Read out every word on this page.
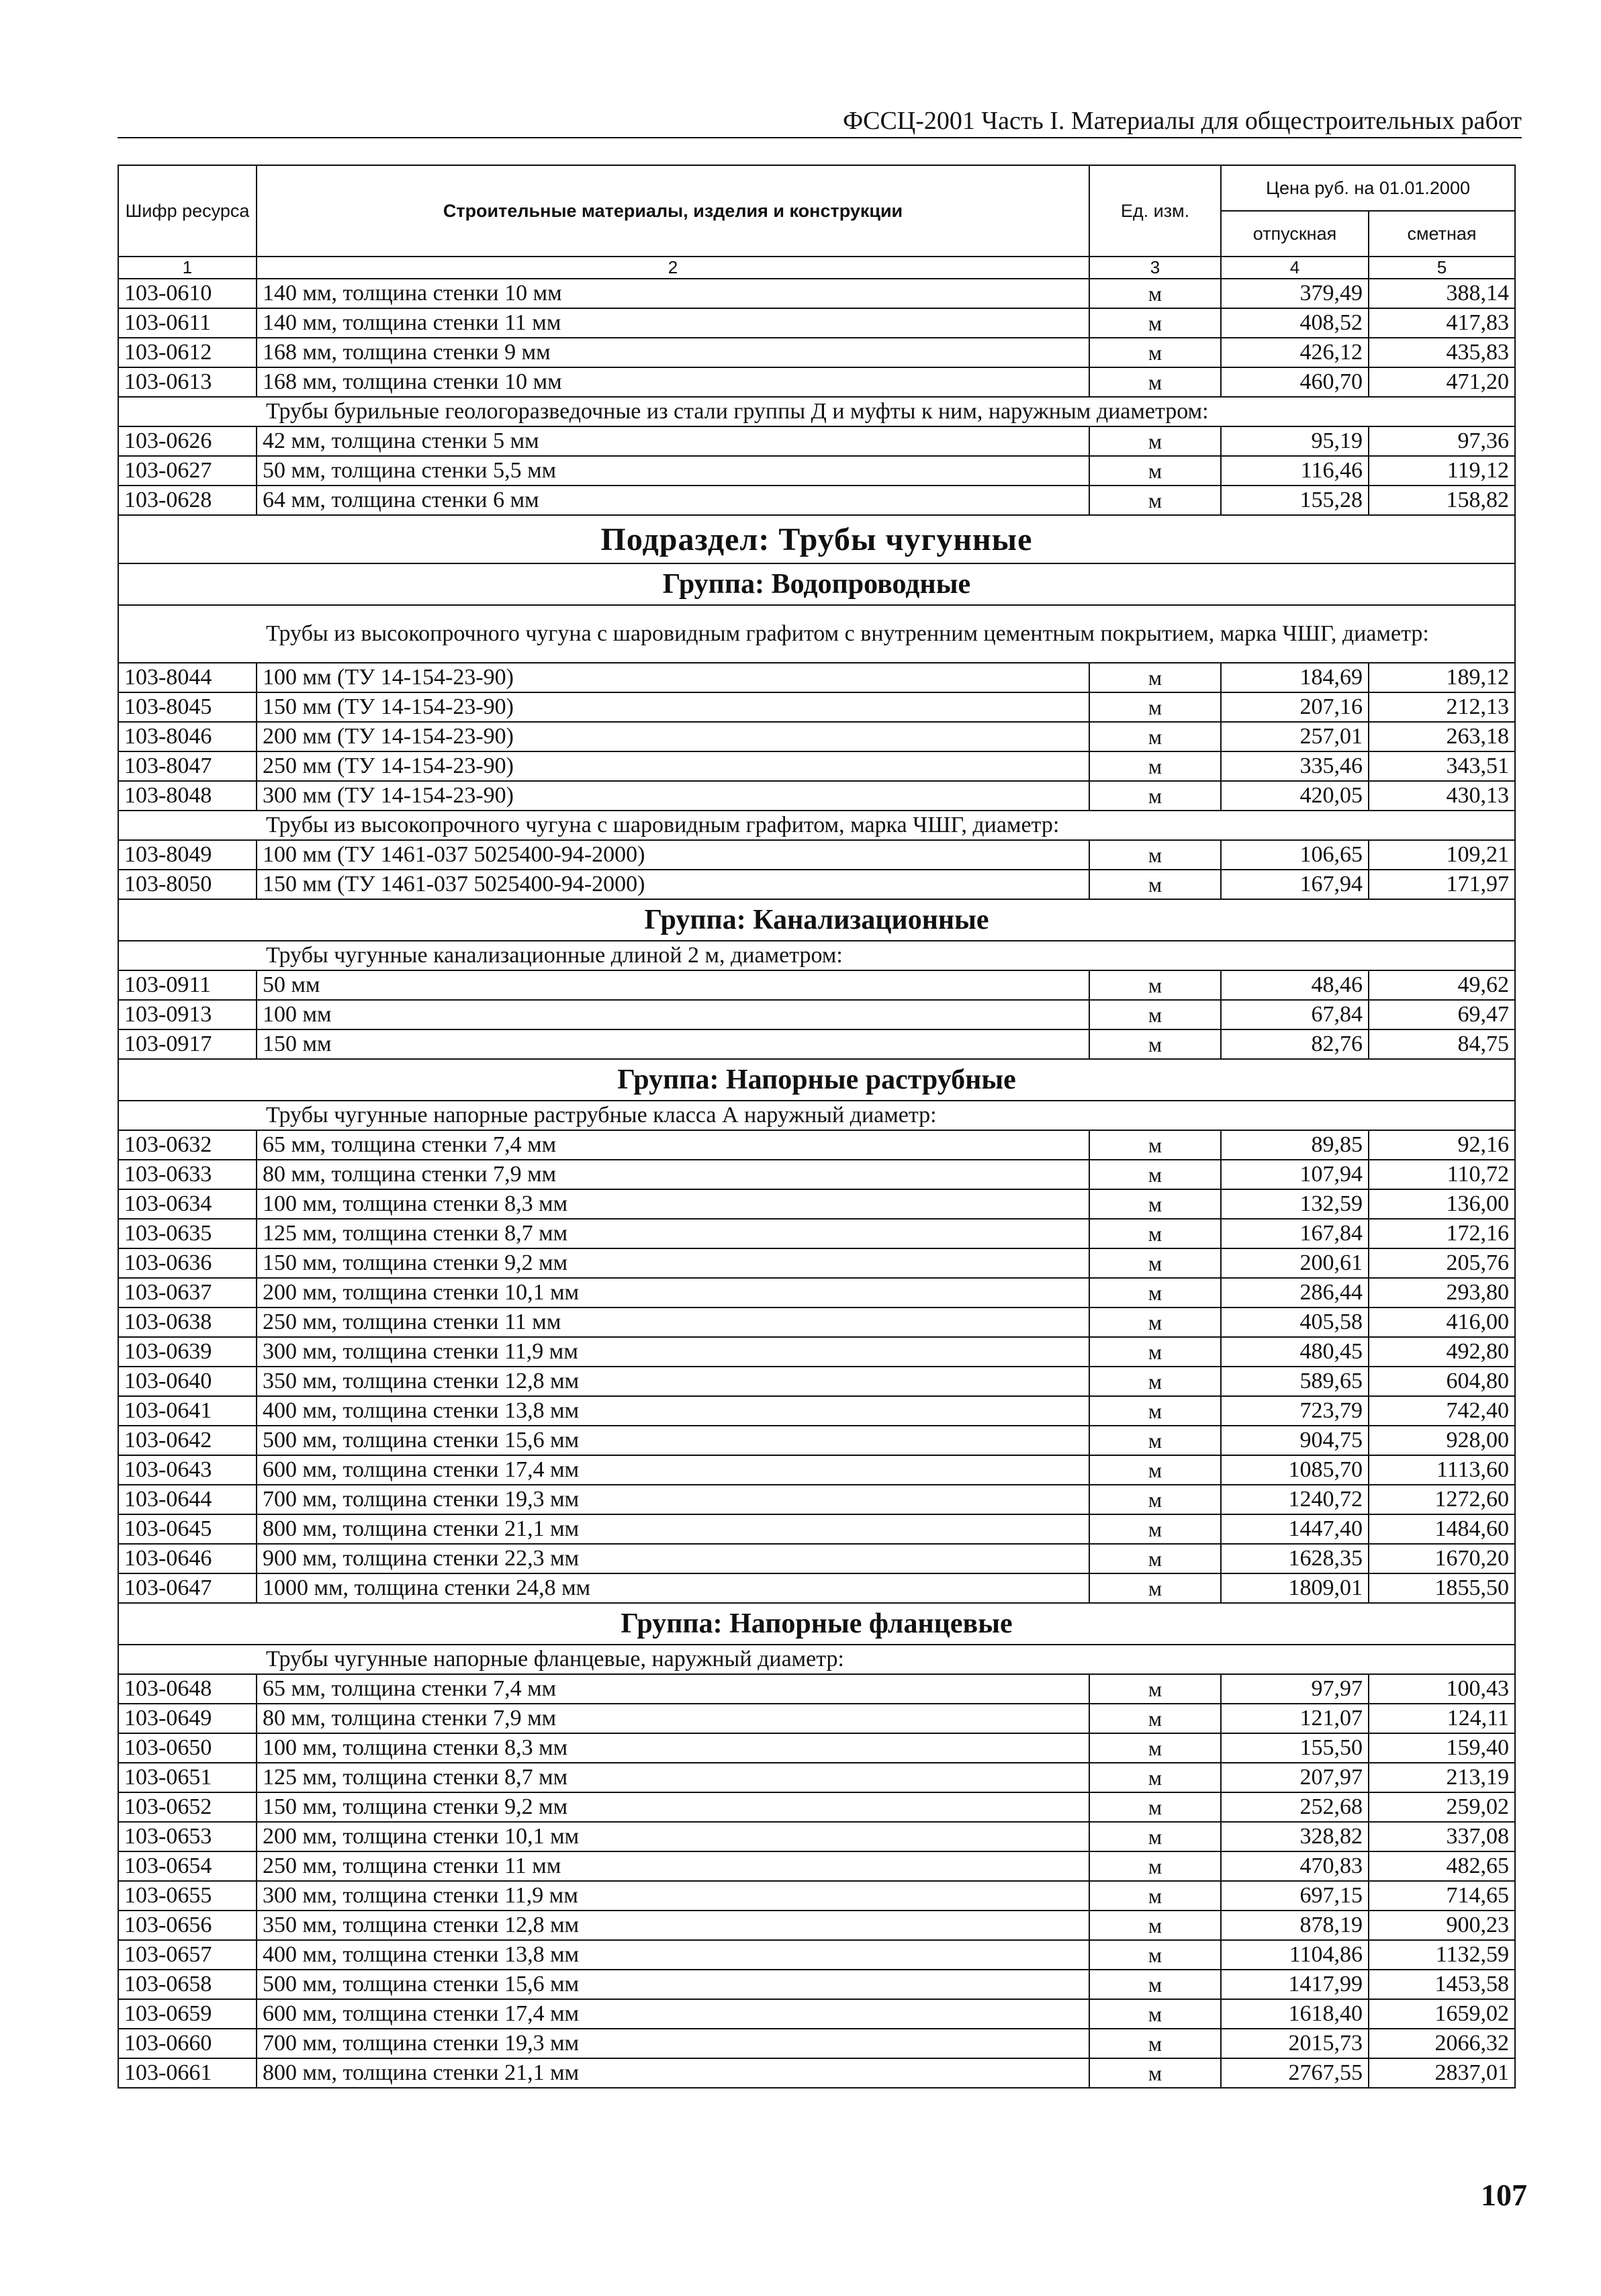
ФССЦ-2001 Часть I. Материалы для общестроительных работ
Шифр ресурса	Строительные материалы, изделия и конструкции	Ед. изм.	Цена руб. на 01.01.2000	
			отпускная	сметная
1	2	3	4	5
103-0610	140 мм, толщина стенки 10 мм	м	379,49	388,14
103-0611	140 мм, толщина стенки 11 мм	м	408,52	417,83
103-0612	168 мм, толщина стенки 9 мм	м	426,12	435,83
103-0613	168 мм, толщина стенки 10 мм	м	460,70	471,20
	Трубы бурильные геологоразведочные из стали группы Д и муфты к ним, наружным диаметром:			
103-0626	42 мм, толщина стенки 5 мм	м	95,19	97,36
103-0627	50 мм, толщина стенки 5,5 мм	м	116,46	119,12
103-0628	64 мм, толщина стенки 6 мм	м	155,28	158,82
Подраздел: Трубы чугунные				
Группа: Водопроводные				
	Трубы из высокопрочного чугуна с шаровидным графитом с внутренним цементным покрытием, марка ЧШГ, диаметр:			
103-8044	100 мм (ТУ 14-154-23-90)	м	184,69	189,12
103-8045	150 мм (ТУ 14-154-23-90)	м	207,16	212,13
103-8046	200 мм (ТУ 14-154-23-90)	м	257,01	263,18
103-8047	250 мм (ТУ 14-154-23-90)	м	335,46	343,51
103-8048	300 мм (ТУ 14-154-23-90)	м	420,05	430,13
	Трубы из высокопрочного чугуна с шаровидным графитом, марка ЧШГ, диаметр:			
103-8049	100 мм (ТУ 1461-037 5025400-94-2000)	м	106,65	109,21
103-8050	150 мм (ТУ 1461-037 5025400-94-2000)	м	167,94	171,97
Группа: Канализационные				
	Трубы чугунные канализационные длиной 2 м, диаметром:			
103-0911	50 мм	м	48,46	49,62
103-0913	100 мм	м	67,84	69,47
103-0917	150 мм	м	82,76	84,75
Группа: Напорные раструбные				
	Трубы чугунные напорные раструбные класса А наружный диаметр:			
103-0632	65 мм, толщина стенки 7,4 мм	м	89,85	92,16
103-0633	80 мм, толщина стенки 7,9 мм	м	107,94	110,72
103-0634	100 мм, толщина стенки 8,3 мм	м	132,59	136,00
103-0635	125 мм, толщина стенки 8,7 мм	м	167,84	172,16
103-0636	150 мм, толщина стенки 9,2 мм	м	200,61	205,76
103-0637	200 мм, толщина стенки 10,1 мм	м	286,44	293,80
103-0638	250 мм, толщина стенки 11 мм	м	405,58	416,00
103-0639	300 мм, толщина стенки 11,9 мм	м	480,45	492,80
103-0640	350 мм, толщина стенки 12,8 мм	м	589,65	604,80
103-0641	400 мм, толщина стенки 13,8 мм	м	723,79	742,40
103-0642	500 мм, толщина стенки 15,6 мм	м	904,75	928,00
103-0643	600 мм, толщина стенки 17,4 мм	м	1085,70	1113,60
103-0644	700 мм, толщина стенки 19,3 мм	м	1240,72	1272,60
103-0645	800 мм, толщина стенки 21,1 мм	м	1447,40	1484,60
103-0646	900 мм, толщина стенки 22,3 мм	м	1628,35	1670,20
103-0647	1000 мм, толщина стенки 24,8 мм	м	1809,01	1855,50
Группа: Напорные фланцевые				
	Трубы чугунные напорные фланцевые, наружный диаметр:			
103-0648	65 мм, толщина стенки 7,4 мм	м	97,97	100,43
103-0649	80 мм, толщина стенки 7,9 мм	м	121,07	124,11
103-0650	100 мм, толщина стенки 8,3 мм	м	155,50	159,40
103-0651	125 мм, толщина стенки 8,7 мм	м	207,97	213,19
103-0652	150 мм, толщина стенки 9,2 мм	м	252,68	259,02
103-0653	200 мм, толщина стенки 10,1 мм	м	328,82	337,08
103-0654	250 мм, толщина стенки 11 мм	м	470,83	482,65
103-0655	300 мм, толщина стенки 11,9 мм	м	697,15	714,65
103-0656	350 мм, толщина стенки 12,8 мм	м	878,19	900,23
103-0657	400 мм, толщина стенки 13,8 мм	м	1104,86	1132,59
103-0658	500 мм, толщина стенки 15,6 мм	м	1417,99	1453,58
103-0659	600 мм, толщина стенки 17,4 мм	м	1618,40	1659,02
103-0660	700 мм, толщина стенки 19,3 мм	м	2015,73	2066,32
103-0661	800 мм, толщина стенки 21,1 мм	м	2767,55	2837,01
107
